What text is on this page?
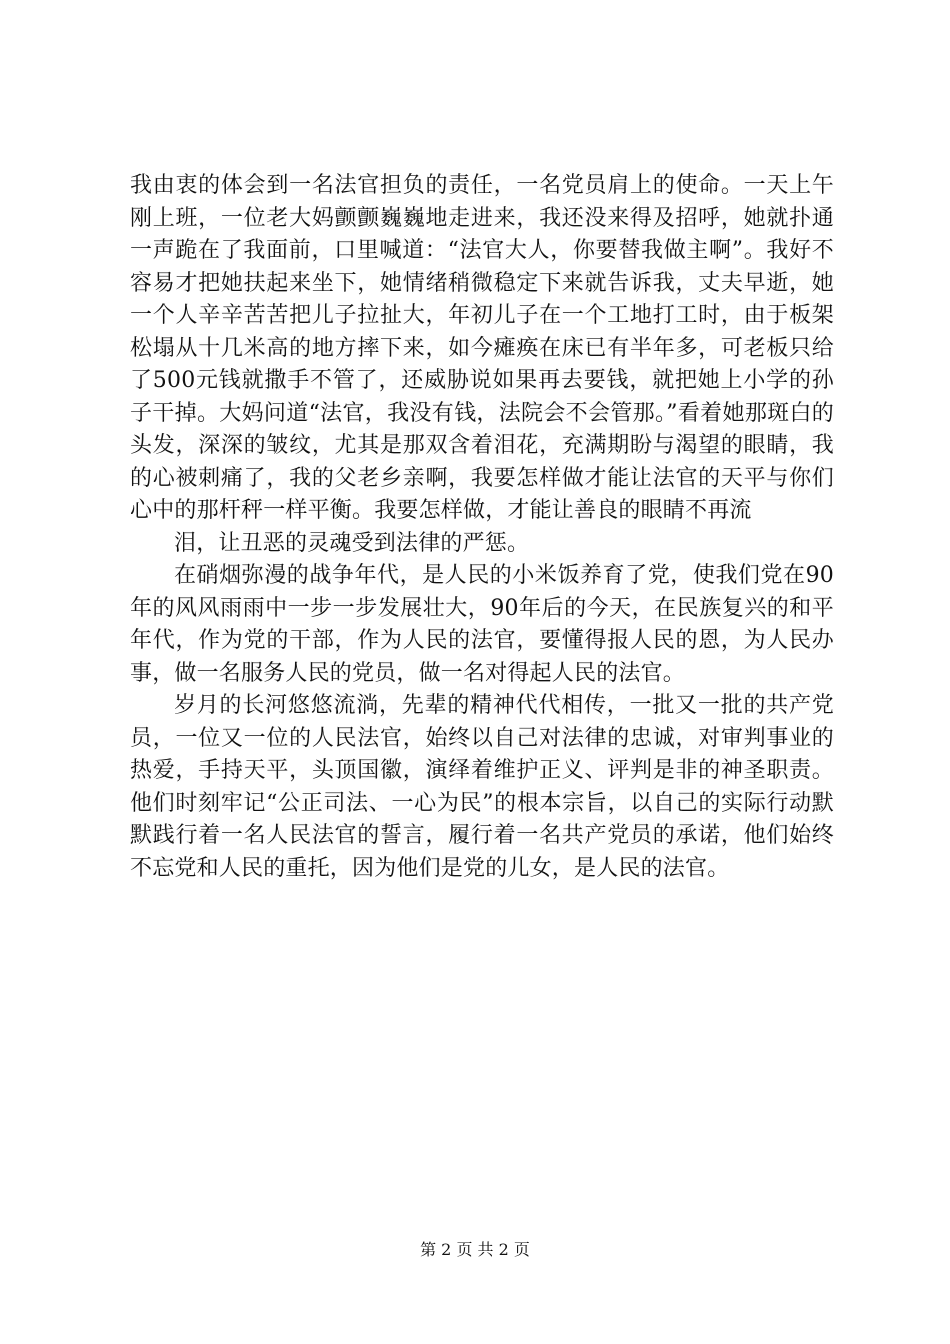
我由衷的体会到一名法官担负的责任，一名党员肩上的使命。一天上午刚上班，一位老大妈颤颤巍巍地走进来，我还没来得及招呼，她就扑通一声跪在了我面前，口里喊道：“法官大人，你要替我做主啊”。我好不容易才把她扶起来坐下，她情绪稍微稳定下来就告诉我，丈夫早逝，她一个人辛辛苦苦把儿子拉扯大，年初儿子在一个工地打工时，由于板架松塌从十几米高的地方摔下来，如今瘫痪在床已有半年多，可老板只给了500元钱就撒手不管了，还威胁说如果再去要钱，就把她上小学的孙子干掉。大妈问道“法官，我没有钱，法院会不会管那。”看着她那斑白的头发，深深的皱纹，尤其是那双含着泪花，充满期盼与渴望的眼睛，我的心被刺痛了，我的父老乡亲啊，我要怎样做才能让法官的天平与你们心中的那杆秤一样平衡。我要怎样做，才能让善良的眼睛不再流

泪，让丑恶的灵魂受到法律的严惩。

在硝烟弥漫的战争年代，是人民的小米饭养育了党，使我们党在90年的风风雨雨中一步一步发展壮大，90年后的今天，在民族复兴的和平年代，作为党的干部，作为人民的法官，要懂得报人民的恩，为人民办事，做一名服务人民的党员，做一名对得起人民的法官。

岁月的长河悠悠流淌，先辈的精神代代相传，一批又一批的共产党员，一位又一位的人民法官，始终以自己对法律的忠诚，对审判事业的热爱，手持天平，头顶国徽，演绎着维护正义、评判是非的神圣职责。他们时刻牢记“公正司法、一心为民”的根本宗旨，以自己的实际行动默默践行着一名人民法官的誓言，履行着一名共产党员的承诺，他们始终不忘党和人民的重托，因为他们是党的儿女，是人民的法官。

第 2 页 共 2 页
